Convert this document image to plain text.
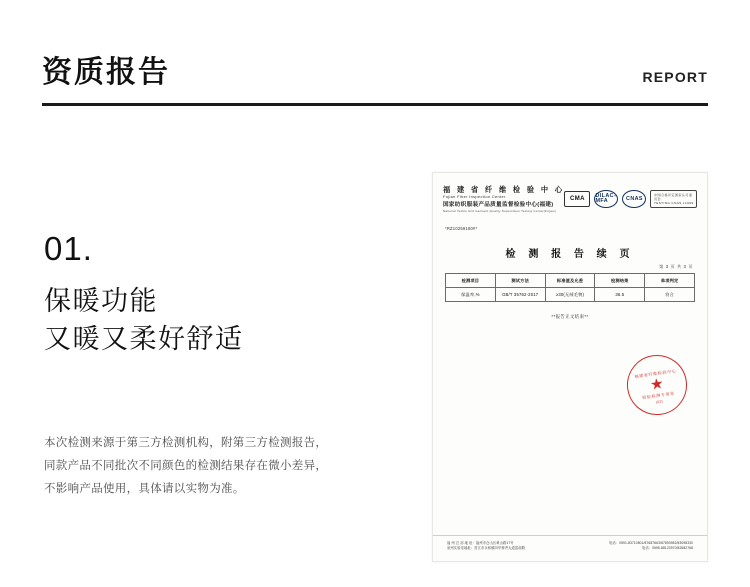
资质报告	REPORT
01.
保暖功能
又暖又柔好舒适
本次检测来源于第三方检测机构，附第三方检测报告，
同款产品不同批次不同颜色的检测结果存在微小差异，
不影响产品使用，具体请以实物为准。
福 建 省 纤 维 检 验 中 心
Fujian Fiber Inspection Center
国家纺织服装产品质量监督检验中心(福建)
National Textile And Garment Quality Supervision Testing Center(Fujian)
CMA
DILAC-MFA	CNAS
中国合格评定国家认可委员会
TESTING CNAS L1999
*RZ10259160#*
检 测 报 告 续 页
第 3 页 共 3 页
检测项目	测试方法	标准值及允差	检测结果	单项判定
保温率,%	GB/T 35762-2017	≥30(无绒毛物)	36.5	符合
**报告正文结束**
福建省纤维检验中心
★
检验检测专用章
(02)
福 州 总 部 地 址：福州市仓山区黄山路17号	电话：0591-83710801/87687663/87893952/83098330
泉州实验室地址：晋江市永和镇四华桥齐大道富丽路	电话：0595-88123970/82682768
